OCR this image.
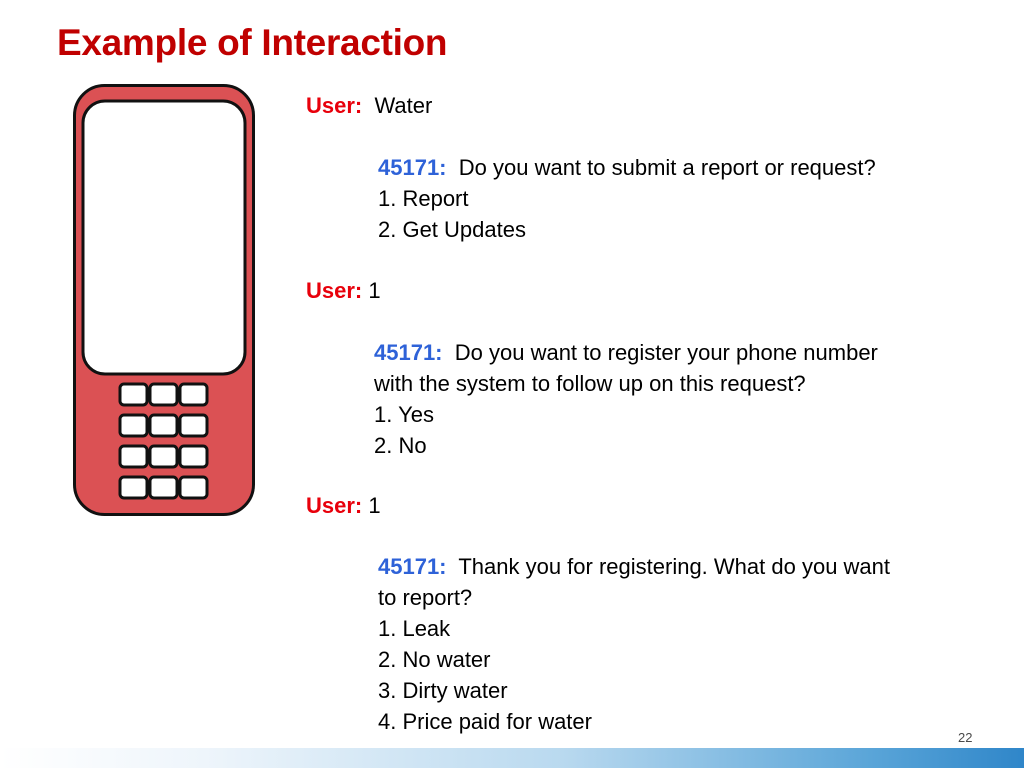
Example of Interaction
User: Water
45171: Do you want to submit a report or request?
1. Report
2. Get Updates
User: 1
45171: Do you want to register your phone number
with the system to follow up on this request?
1. Yes
2. No
User: 1
45171: Thank you for registering. What do you want
to report?
1. Leak
2. No water
3. Dirty water
4. Price paid for water
22
